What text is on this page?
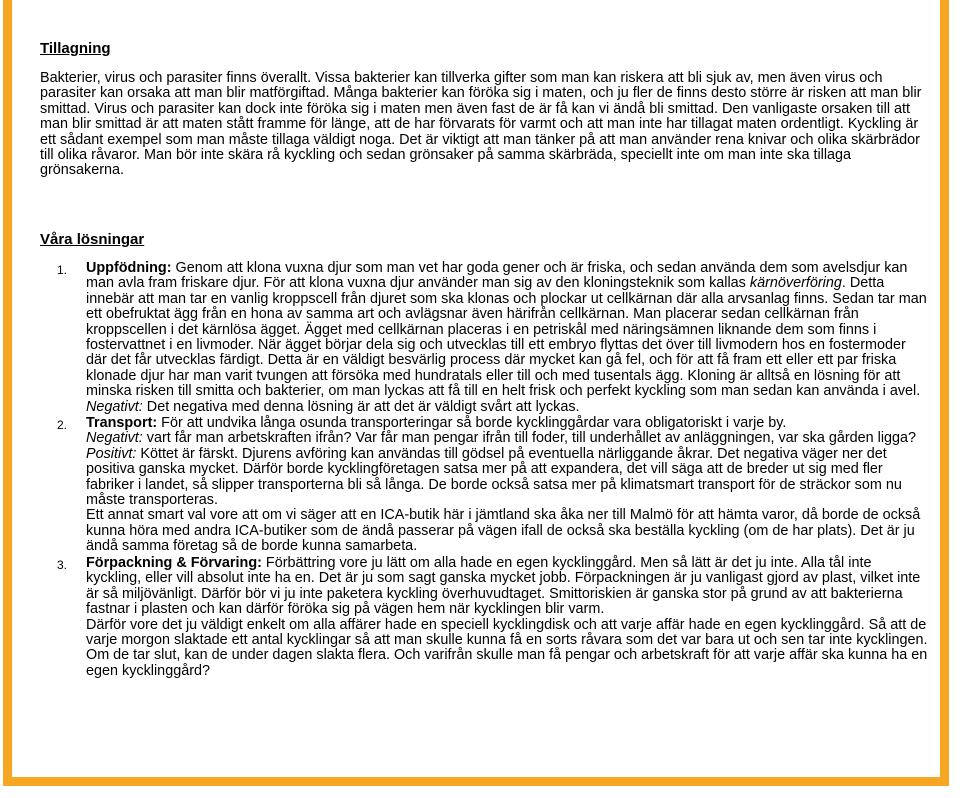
Tillagning

Bakterier, virus och parasiter finns överallt. Vissa bakterier kan tillverka gifter som man kan riskera att bli sjuk av, men även virus och parasiter kan orsaka att man blir matförgiftad. Många bakterier kan föröka sig i maten, och ju fler de finns desto större är risken att man blir smittad. Virus och parasiter kan dock inte föröka sig i maten men även fast de är få kan vi ändå bli smittad. Den vanligaste orsaken till att man blir smittad är att maten stått framme för länge, att de har förvarats för varmt och att man inte har tillagat maten ordentligt. Kyckling är ett sådant exempel som man måste tillaga väldigt noga. Det är viktigt att man tänker på att man använder rena knivar och olika skärbrädor till olika råvaror. Man bör inte skära rå kyckling och sedan grönsaker på samma skärbräda, speciellt inte om man inte ska tillaga grönsakerna.

Våra lösningar
1. Uppfödning: Genom att klona vuxna djur som man vet har goda gener och är friska, och sedan använda dem som avelsdjur kan man avla fram friskare djur. För att klona vuxna djur använder man sig av den kloningsteknik som kallas kärnöverföring. Detta innebär att man tar en vanlig kroppscell från djuret som ska klonas och plockar ut cellkärnan där alla arvsanlag finns. Sedan tar man ett obefruktat ägg från en hona av samma art och avlägsnar även härifrån cellkärnan. Man placerar sedan cellkärnan från kroppscellen i det kärnlösa ägget. Ägget med cellkärnan placeras i en petriskål med näringsämnen liknande dem som finns i fostervattnet i en livmoder. När ägget börjar dela sig och utvecklas till ett embryo flyttas det över till livmodern hos en fostermoder där det får utvecklas färdigt. Detta är en väldigt besvärlig process där mycket kan gå fel, och för att få fram ett eller ett par friska klonade djur har man varit tvungen att försöka med hundratals eller till och med tusentals ägg. Kloning är alltså en lösning för att minska risken till smitta och bakterier, om man lyckas att få till en helt frisk och perfekt kyckling som man sedan kan använda i avel.

Negativt: Det negativa med denna lösning är att det är väldigt svårt att lyckas.

2. Transport: För att undvika långa osunda transporteringar så borde kycklinggårdar vara obligatoriskt i varje by.

Negativt: vart får man arbetskraften ifrån? Var får man pengar ifrån till foder, till underhållet av anläggningen, var ska gården ligga?

Positivt: Köttet är färskt. Djurens avföring kan användas till gödsel på eventuella närliggande åkrar. Det negativa väger ner det positiva ganska mycket. Därför borde kycklingföretagen satsa mer på att expandera, det vill säga att de breder ut sig med fler fabriker i landet, så slipper transporterna bli så långa. De borde också satsa mer på klimatsmart transport för de sträckor som nu måste transporteras.

Ett annat smart val vore att om vi säger att en ICA-butik här i jämtland ska åka ner till Malmö för att hämta varor, då borde de också kunna höra med andra ICA-butiker som de ändå passerar på vägen ifall de också ska beställa kyckling (om de har plats). Det är ju ändå samma företag så de borde kunna samarbeta.

3. Förpackning & Förvaring: Förbättring vore ju lätt om alla hade en egen kycklinggård. Men så lätt är det ju inte. Alla tål inte kyckling, eller vill absolut inte ha en. Det är ju som sagt ganska mycket jobb. Förpackningen är ju vanligast gjord av plast, vilket inte är så miljövänligt. Därför bör vi ju inte paketera kyckling överhuvudtaget. Smittoriskien är ganska stor på grund av att bakterierna fastnar i plasten och kan därför föröka sig på vägen hem när kycklingen blir varm.

Därför vore det ju väldigt enkelt om alla affärer hade en speciell kycklingdisk och att varje affär hade en egen kycklinggård. Så att de varje morgon slaktade ett antal kycklingar så att man skulle kunna få en sorts råvara som det var bara ut och sen tar inte kycklingen. Om de tar slut, kan de under dagen slakta flera. Och varifrån skulle man få pengar och arbetskraft för att varje affär ska kunna ha en egen kycklinggård?
